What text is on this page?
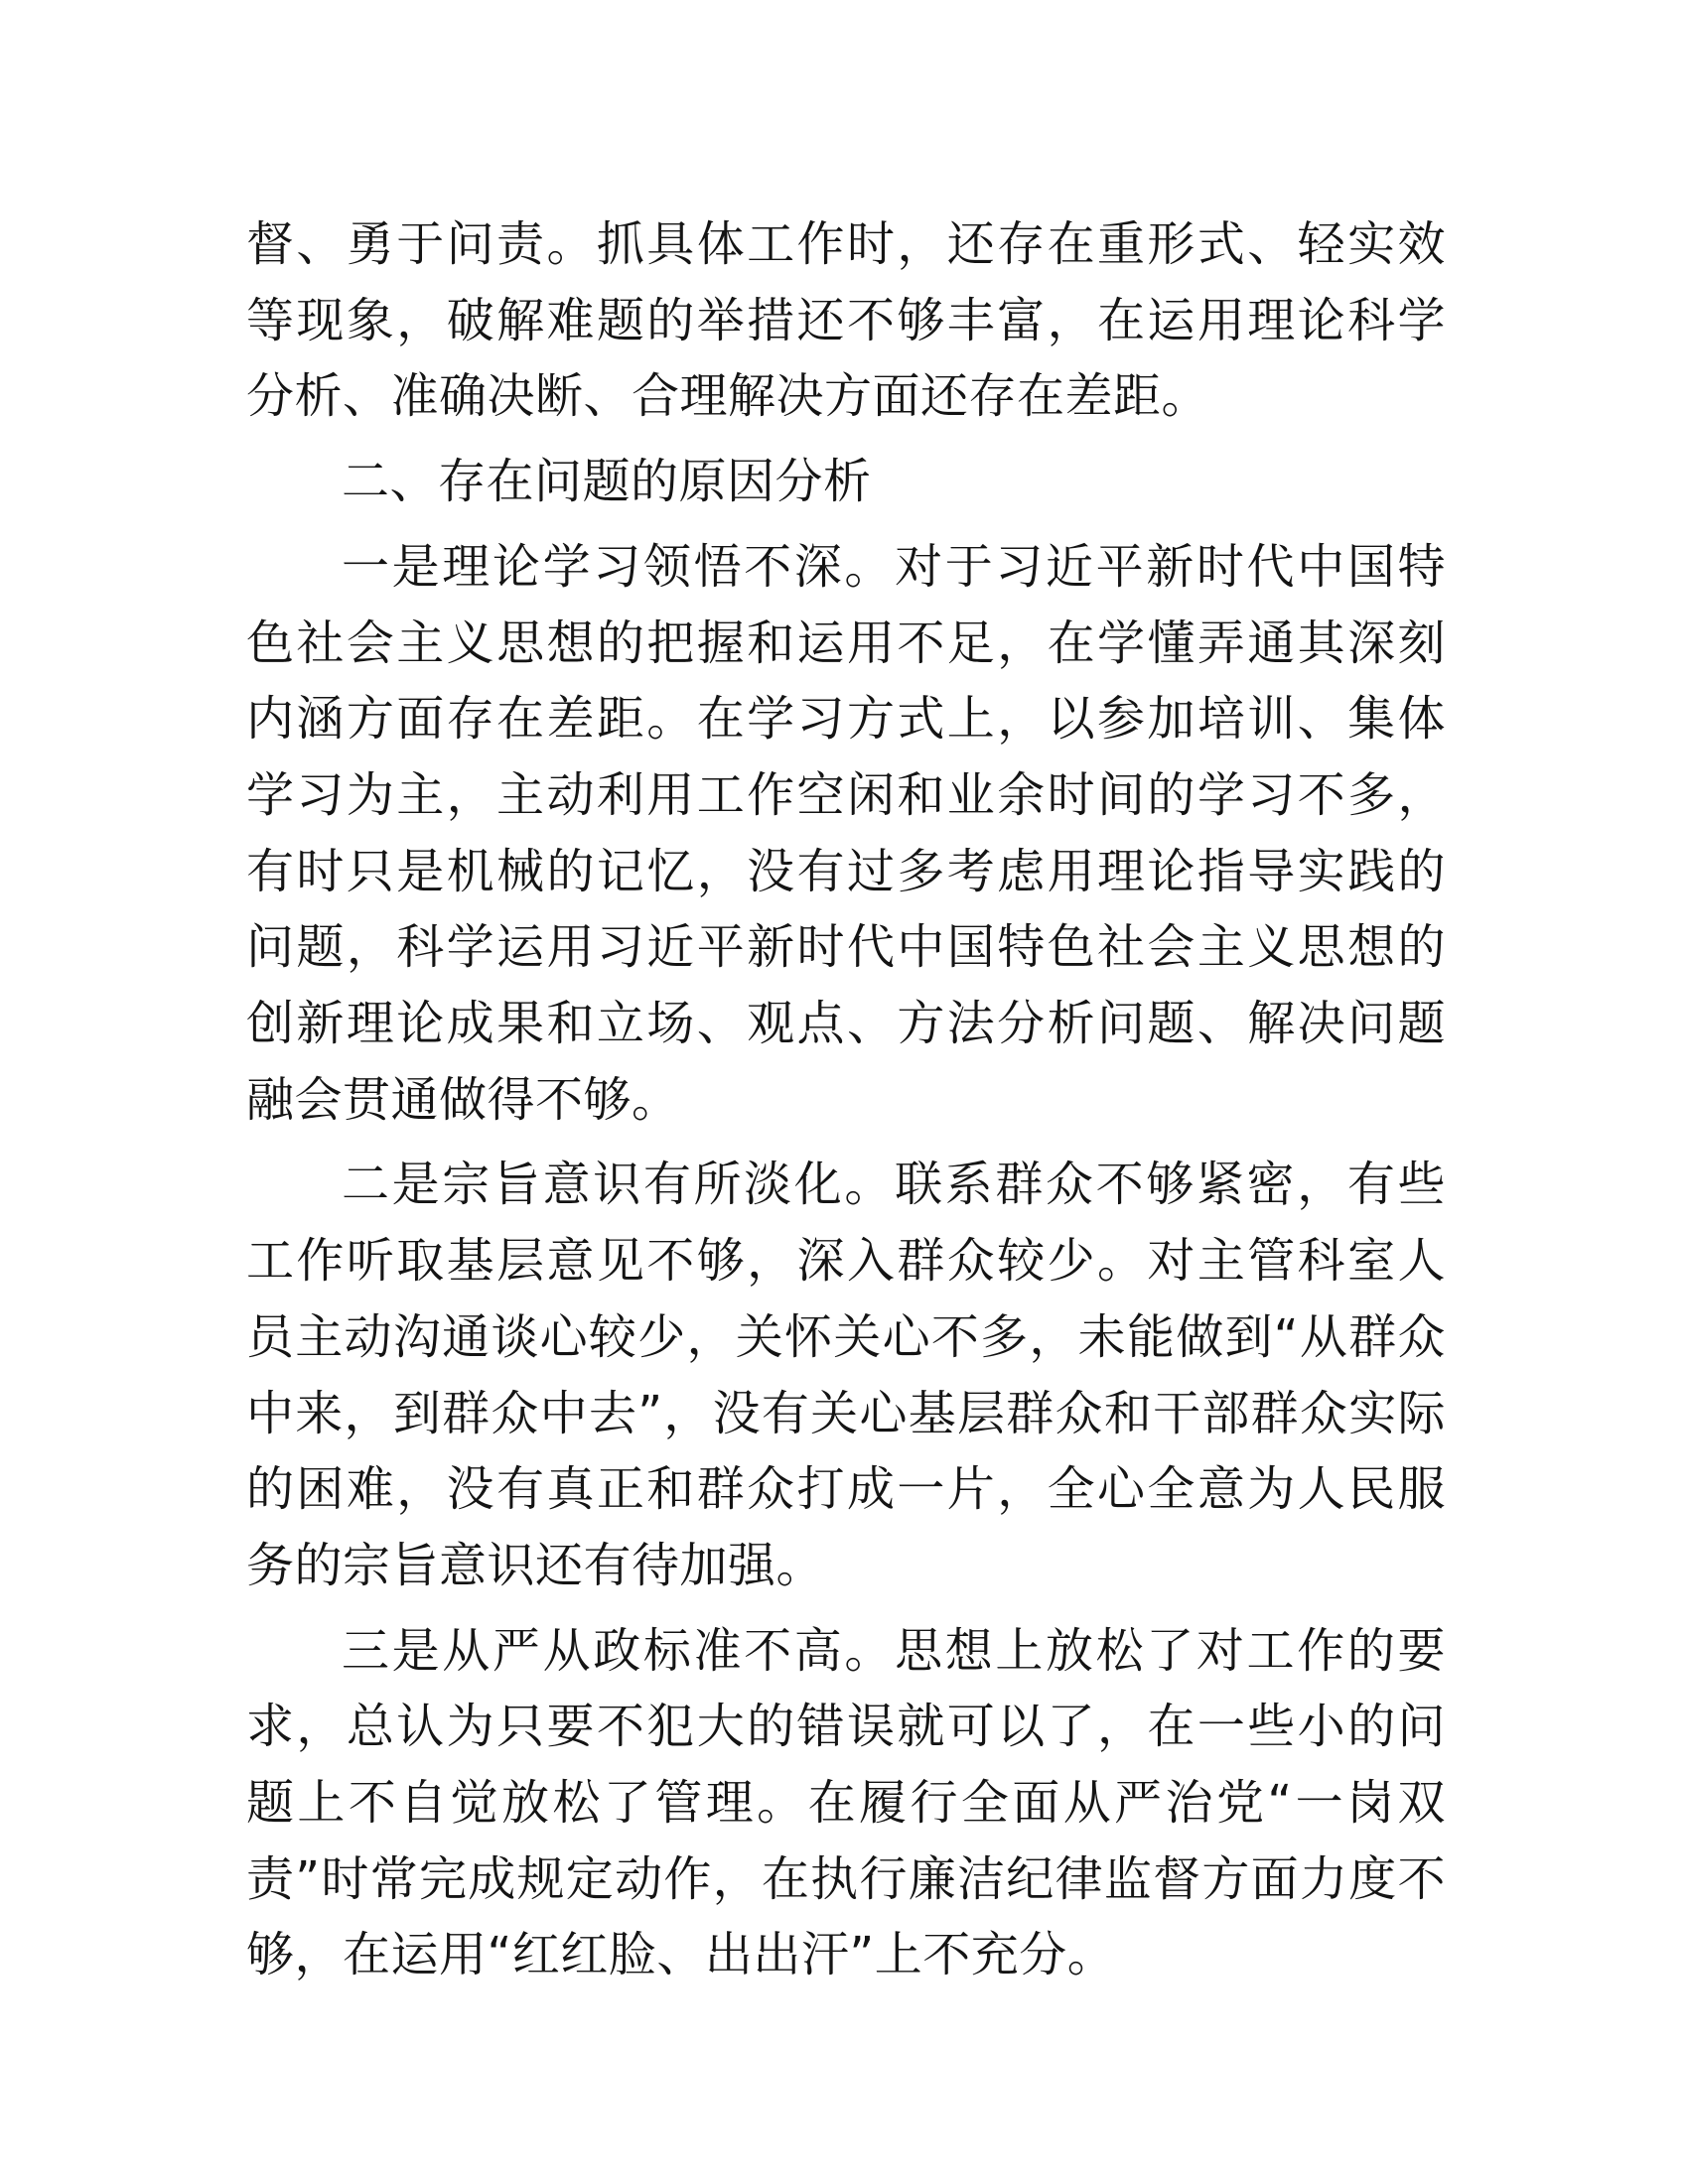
督、勇于问责。抓具体工作时，还存在重形式、轻实效等现象，破解难题的举措还不够丰富，在运用理论科学分析、准确决断、合理解决方面还存在差距。

二、存在问题的原因分析

一是理论学习领悟不深。对于习近平新时代中国特色社会主义思想的把握和运用不足，在学懂弄通其深刻内涵方面存在差距。在学习方式上，以参加培训、集体学习为主，主动利用工作空闲和业余时间的学习不多，有时只是机械的记忆，没有过多考虑用理论指导实践的问题，科学运用习近平新时代中国特色社会主义思想的创新理论成果和立场、观点、方法分析问题、解决问题融会贯通做得不够。

二是宗旨意识有所淡化。联系群众不够紧密，有些工作听取基层意见不够，深入群众较少。对主管科室人员主动沟通谈心较少，关怀关心不多，未能做到“从群众中来，到群众中去”，没有关心基层群众和干部群众实际的困难，没有真正和群众打成一片，全心全意为人民服务的宗旨意识还有待加强。

三是从严从政标准不高。思想上放松了对工作的要求，总认为只要不犯大的错误就可以了，在一些小的问题上不自觉放松了管理。在履行全面从严治党“一岗双责”时常完成规定动作，在执行廉洁纪律监督方面力度不够，在运用“红红脸、出出汗”上不充分。
